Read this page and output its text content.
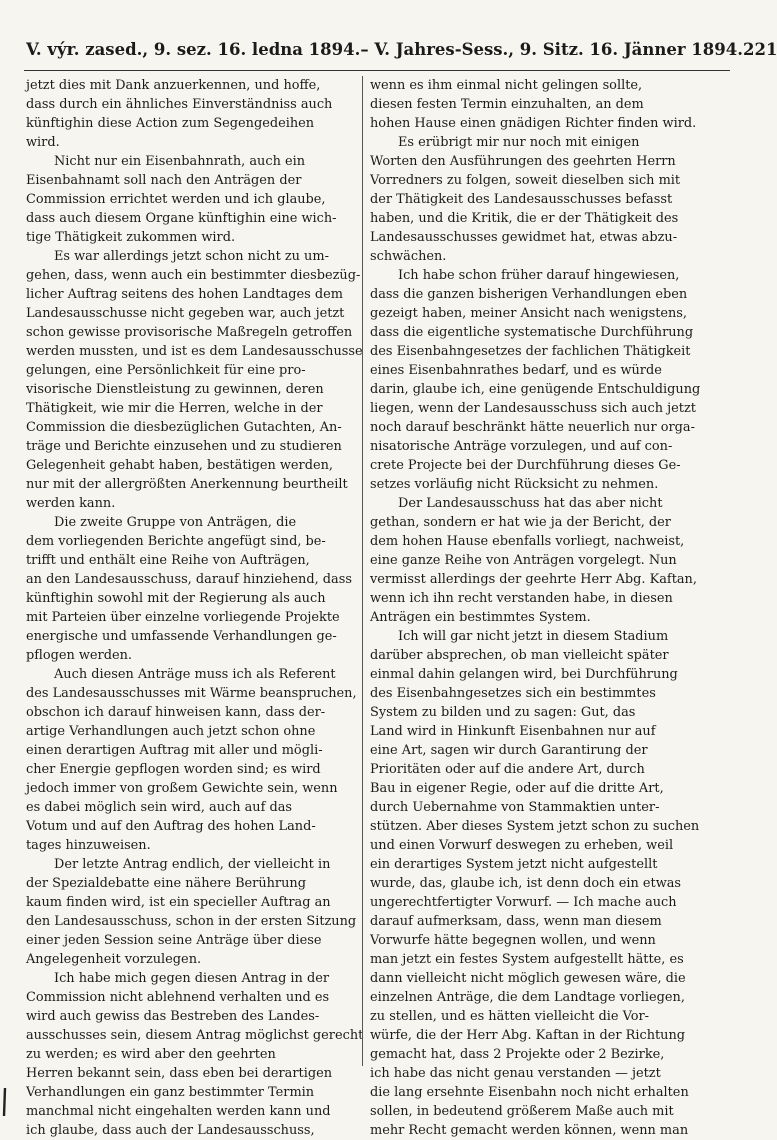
V. výr. zased., 9. sez. 16. ledna 1894. – V. Jahres-Sess., 9. Sitz. 16. Jänner 1894. 221
jetzt dies mit Dank anzuerkennen, und hoffe,
dass durch ein ähnliches Einverständniss auch
künftighin diese Action zum Segengedeihen
wird.
Nicht nur ein Eisenbahnrath, auch ein
Eisenbahnamt soll nach den Anträgen der
Commission errichtet werden und ich glaube,
dass auch diesem Organe künftighin eine wich-
tige Thätigkeit zukommen wird.
Es war allerdings jetzt schon nicht zu um-
gehen, dass, wenn auch ein bestimmter diesbezüg-
licher Auftrag seitens des hohen Landtages dem
Landesausschusse nicht gegeben war, auch jetzt
schon gewisse provisorische Maßregeln getroffen
werden mussten, und ist es dem Landesausschusse
gelungen, eine Persönlichkeit für eine pro-
visorische Dienstleistung zu gewinnen, deren
Thätigkeit, wie mir die Herren, welche in der
Commission die diesbezüglichen Gutachten, An-
träge und Berichte einzusehen und zu studieren
Gelegenheit gehabt haben, bestätigen werden,
nur mit der allergrößten Anerkennung beurtheilt
werden kann.
Die zweite Gruppe von Anträgen, die
dem vorliegenden Berichte angefügt sind, be-
trifft und enthält eine Reihe von Aufträgen,
an den Landesausschuss, darauf hinziehend, dass
künftighin sowohl mit der Regierung als auch
mit Parteien über einzelne vorliegende Projekte
energische und umfassende Verhandlungen ge-
pflogen werden.
Auch diesen Anträge muss ich als Referent
des Landesausschusses mit Wärme beanspruchen,
obschon ich darauf hinweisen kann, dass der-
artige Verhandlungen auch jetzt schon ohne
einen derartigen Auftrag mit aller und mögli-
cher Energie gepflogen worden sind; es wird
jedoch immer von großem Gewichte sein, wenn
es dabei möglich sein wird, auch auf das
Votum und auf den Auftrag des hohen Land-
tages hinzuweisen.
Der letzte Antrag endlich, der vielleicht in
der Spezialdebatte eine nähere Berührung
kaum finden wird, ist ein specieller Auftrag an
den Landesausschuss, schon in der ersten Sitzung
einer jeden Session seine Anträge über diese
Angelegenheit vorzulegen.
Ich habe mich gegen diesen Antrag in der
Commission nicht ablehnend verhalten und es
wird auch gewiss das Bestreben des Landes-
ausschusses sein, diesem Antrag möglichst gerecht
zu werden; es wird aber den geehrten
Herren bekannt sein, dass eben bei derartigen
Verhandlungen ein ganz bestimmter Termin
manchmal nicht eingehalten werden kann und
ich glaube, dass auch der Landesausschuss,
wenn es ihm einmal nicht gelingen sollte,
diesen festen Termin einzuhalten, an dem
hohen Hause einen gnädigen Richter finden wird.
Es erübrigt mir nur noch mit einigen
Worten den Ausführungen des geehrten Herrn
Vorredners zu folgen, soweit dieselben sich mit
der Thätigkeit des Landesausschusses befasst
haben, und die Kritik, die er der Thätigkeit des
Landesausschusses gewidmet hat, etwas abzu-
schwächen.
Ich habe schon früher darauf hingewiesen,
dass die ganzen bisherigen Verhandlungen eben
gezeigt haben, meiner Ansicht nach wenigstens,
dass die eigentliche systematische Durchführung
des Eisenbahngesetzes der fachlichen Thätigkeit
eines Eisenbahnrathes bedarf, und es würde
darin, glaube ich, eine genügende Entschuldigung
liegen, wenn der Landesausschuss sich auch jetzt
noch darauf beschränkt hätte neuerlich nur orga-
nisatorische Anträge vorzulegen, und auf con-
crete Projecte bei der Durchführung dieses Ge-
setzes vorläufig nicht Rücksicht zu nehmen.
Der Landesausschuss hat das aber nicht
gethan, sondern er hat wie ja der Bericht, der
dem hohen Hause ebenfalls vorliegt, nachweist,
eine ganze Reihe von Anträgen vorgelegt. Nun
vermisst allerdings der geehrte Herr Abg. Kaftan,
wenn ich ihn recht verstanden habe, in diesen
Anträgen ein bestimmtes System.
Ich will gar nicht jetzt in diesem Stadium
darüber absprechen, ob man vielleicht später
einmal dahin gelangen wird, bei Durchführung
des Eisenbahngesetzes sich ein bestimmtes
System zu bilden und zu sagen: Gut, das
Land wird in Hinkunft Eisenbahnen nur auf
eine Art, sagen wir durch Garantirung der
Prioritäten oder auf die andere Art, durch
Bau in eigener Regie, oder auf die dritte Art,
durch Uebernahme von Stammaktien unter-
stützen. Aber dieses System jetzt schon zu suchen
und einen Vorwurf deswegen zu erheben, weil
ein derartiges System jetzt nicht aufgestellt
wurde, das, glaube ich, ist denn doch ein etwas
ungerechtfertigter Vorwurf. — Ich mache auch
darauf aufmerksam, dass, wenn man diesem
Vorwurfe hätte begegnen wollen, und wenn
man jetzt ein festes System aufgestellt hätte, es
dann vielleicht nicht möglich gewesen wäre, die
einzelnen Anträge, die dem Landtage vorliegen,
zu stellen, und es hätten vielleicht die Vor-
würfe, die der Herr Abg. Kaftan in der Richtung
gemacht hat, dass 2 Projekte oder 2 Bezirke,
ich habe das nicht genau verstanden — jetzt
die lang ersehnte Eisenbahn noch nicht erhalten
sollen, in bedeutend größerem Maße auch mit
mehr Recht gemacht werden können, wenn man
